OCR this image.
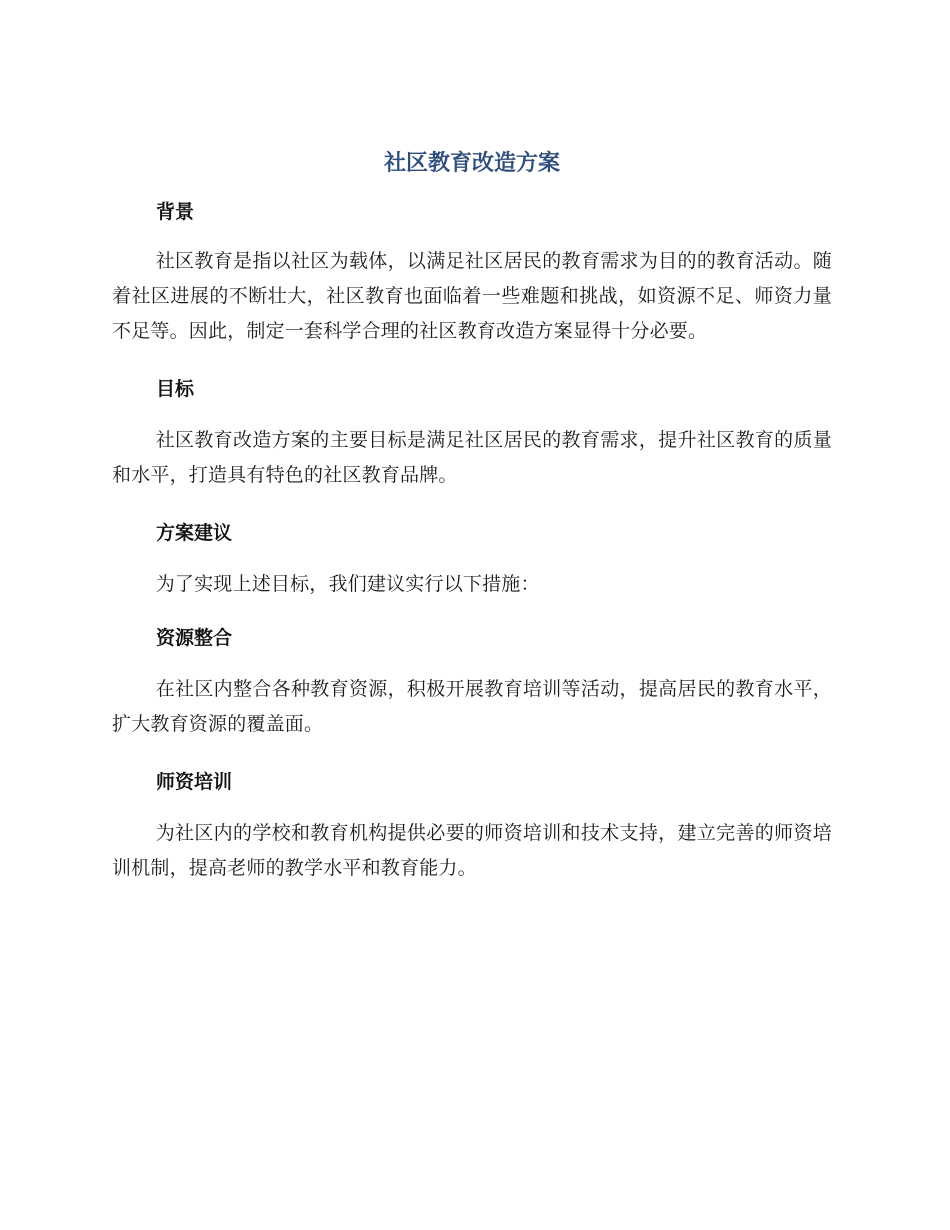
社区教育改造方案
背景

社区教育是指以社区为载体，以满足社区居民的教育需求为目的的教育活动。随着社区进展的不断壮大，社区教育也面临着一些难题和挑战，如资源不足、师资力量不足等。因此，制定一套科学合理的社区教育改造方案显得十分必要。

目标

社区教育改造方案的主要目标是满足社区居民的教育需求，提升社区教育的质量和水平，打造具有特色的社区教育品牌。

方案建议

为了实现上述目标，我们建议实行以下措施：

资源整合

在社区内整合各种教育资源，积极开展教育培训等活动，提高居民的教育水平，扩大教育资源的覆盖面。

师资培训

为社区内的学校和教育机构提供必要的师资培训和技术支持，建立完善的师资培训机制，提高老师的教学水平和教育能力。
